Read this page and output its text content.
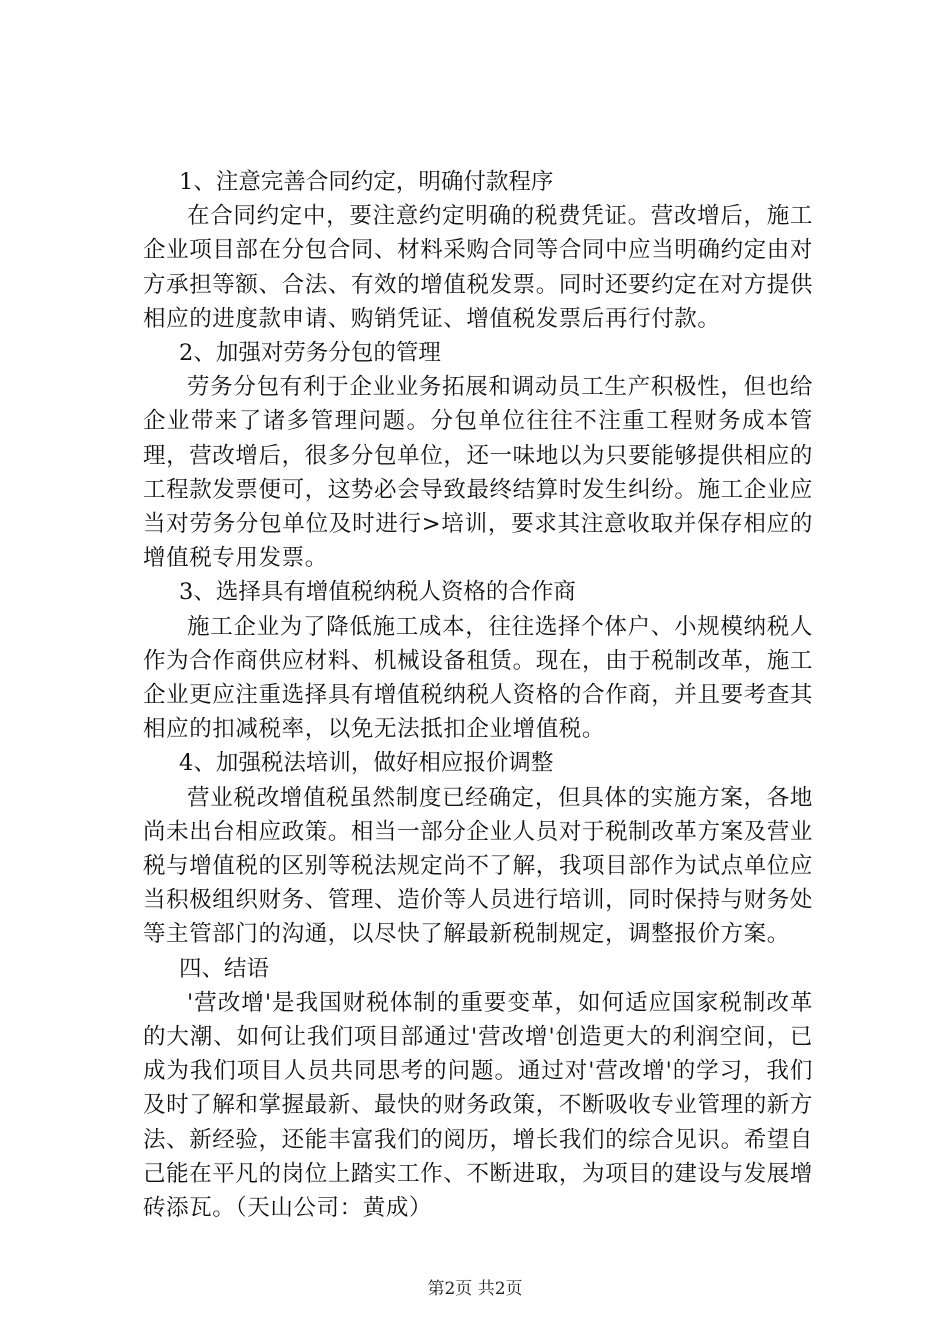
1、注意完善合同约定，明确付款程序

在合同约定中，要注意约定明确的税费凭证。营改增后，施工企业项目部在分包合同、材料采购合同等合同中应当明确约定由对方承担等额、合法、有效的增值税发票。同时还要约定在对方提供相应的进度款申请、购销凭证、增值税发票后再行付款。

2、加强对劳务分包的管理

劳务分包有利于企业业务拓展和调动员工生产积极性，但也给企业带来了诸多管理问题。分包单位往往不注重工程财务成本管理，营改增后，很多分包单位，还一味地以为只要能够提供相应的工程款发票便可，这势必会导致最终结算时发生纠纷。施工企业应当对劳务分包单位及时进行>培训，要求其注意收取并保存相应的增值税专用发票。

3、选择具有增值税纳税人资格的合作商

施工企业为了降低施工成本，往往选择个体户、小规模纳税人作为合作商供应材料、机械设备租赁。现在，由于税制改革，施工企业更应注重选择具有增值税纳税人资格的合作商，并且要考查其相应的扣减税率，以免无法抵扣企业增值税。

4、加强税法培训，做好相应报价调整

营业税改增值税虽然制度已经确定，但具体的实施方案，各地尚未出台相应政策。相当一部分企业人员对于税制改革方案及营业税与增值税的区别等税法规定尚不了解，我项目部作为试点单位应当积极组织财务、管理、造价等人员进行培训，同时保持与财务处等主管部门的沟通，以尽快了解最新税制规定，调整报价方案。

四、结语

'营改增'是我国财税体制的重要变革，如何适应国家税制改革的大潮、如何让我们项目部通过'营改增'创造更大的利润空间，已成为我们项目人员共同思考的问题。通过对'营改增'的学习，我们及时了解和掌握最新、最快的财务政策，不断吸收专业管理的新方法、新经验，还能丰富我们的阅历，增长我们的综合见识。希望自己能在平凡的岗位上踏实工作、不断进取，为项目的建设与发展增砖添瓦。（天山公司：黄成）

第2页 共2页
